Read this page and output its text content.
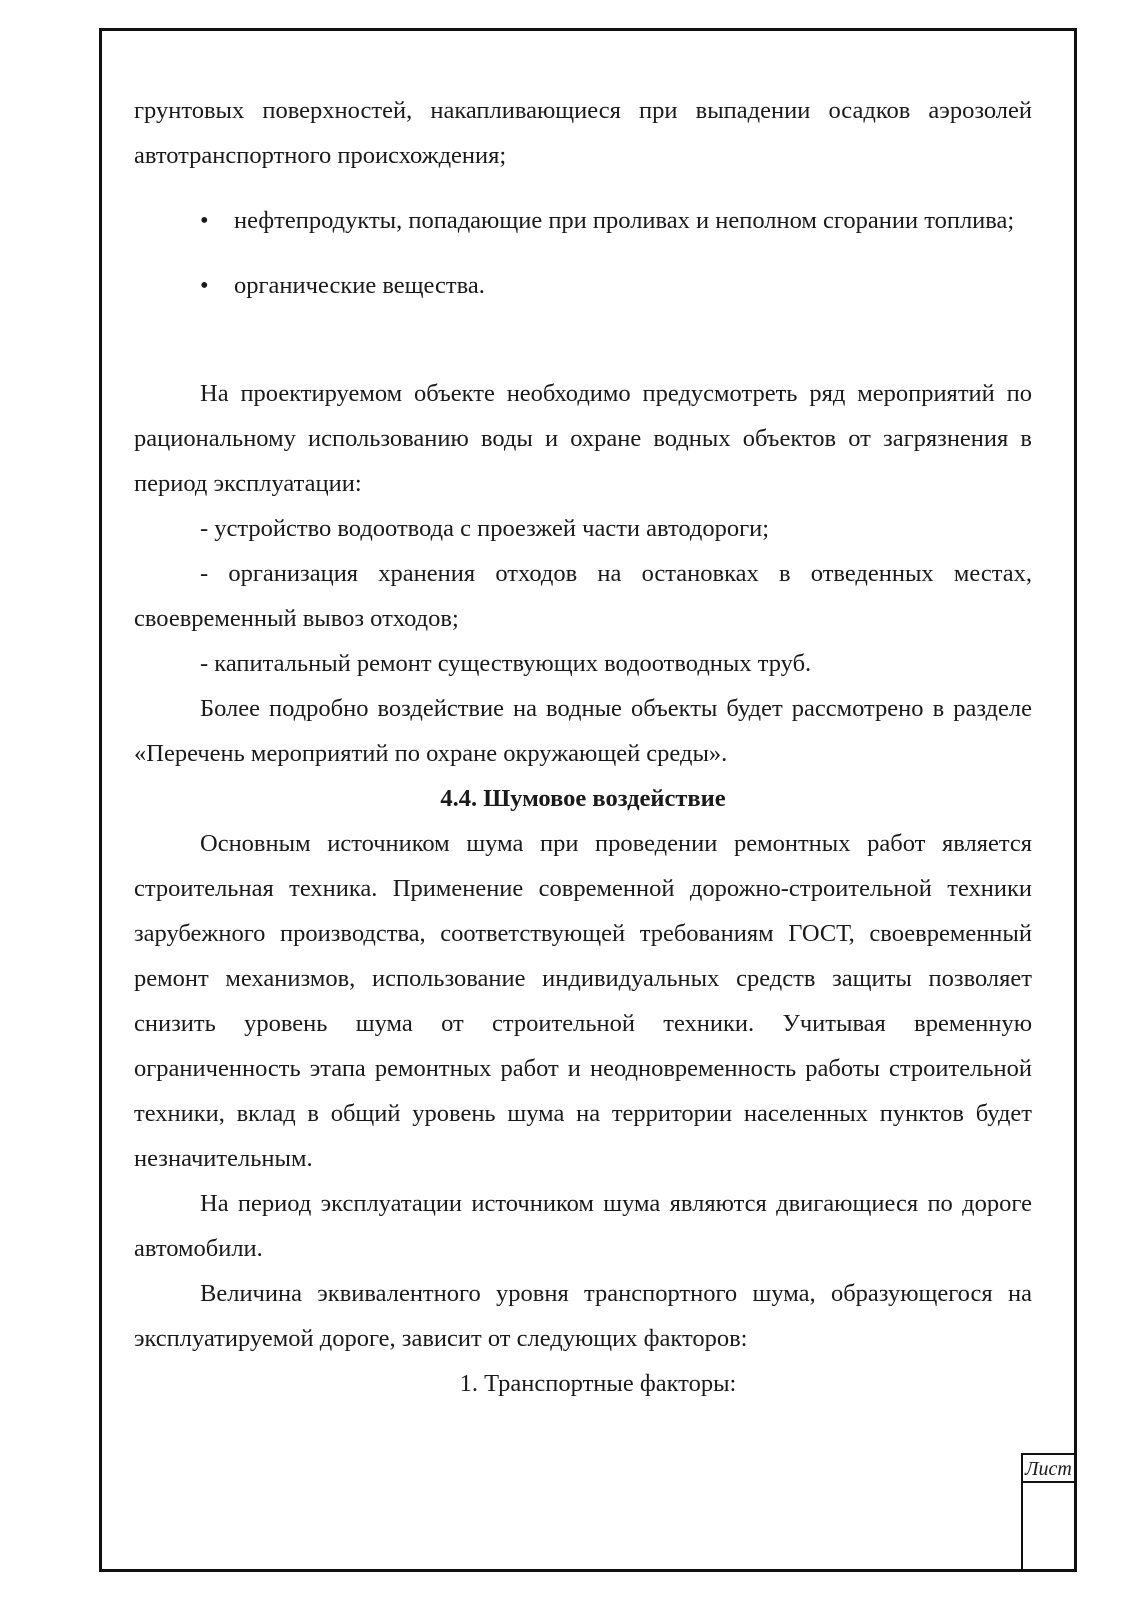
грунтовых поверхностей, накапливающиеся при выпадении осадков аэрозолей автотранспортного происхождения;

• нефтепродукты, попадающие при проливах и неполном сгорании топлива;

• органические вещества.

На проектируемом объекте необходимо предусмотреть ряд мероприятий по рациональному использованию воды и охране водных объектов от загрязнения в период эксплуатации:

- устройство водоотвода с проезжей части автодороги;

- организация хранения отходов на остановках в отведенных местах, своевременный вывоз отходов;

- капитальный ремонт существующих водоотводных труб.

Более подробно воздействие на водные объекты будет рассмотрено в разделе «Перечень мероприятий по охране окружающей среды».

4.4. Шумовое воздействие

Основным источником шума при проведении ремонтных работ является строительная техника. Применение современной дорожно-строительной техники зарубежного производства, соответствующей требованиям ГОСТ, своевременный ремонт механизмов, использование индивидуальных средств защиты позволяет снизить уровень шума от строительной техники. Учитывая временную ограниченность этапа ремонтных работ и неодновременность работы строительной техники, вклад в общий уровень шума на территории населенных пунктов будет незначительным.

На период эксплуатации источником шума являются двигающиеся по дороге автомобили.

Величина эквивалентного уровня транспортного шума, образующегося на эксплуатируемой дороге, зависит от следующих факторов:

1. Транспортные факторы:

Лист
